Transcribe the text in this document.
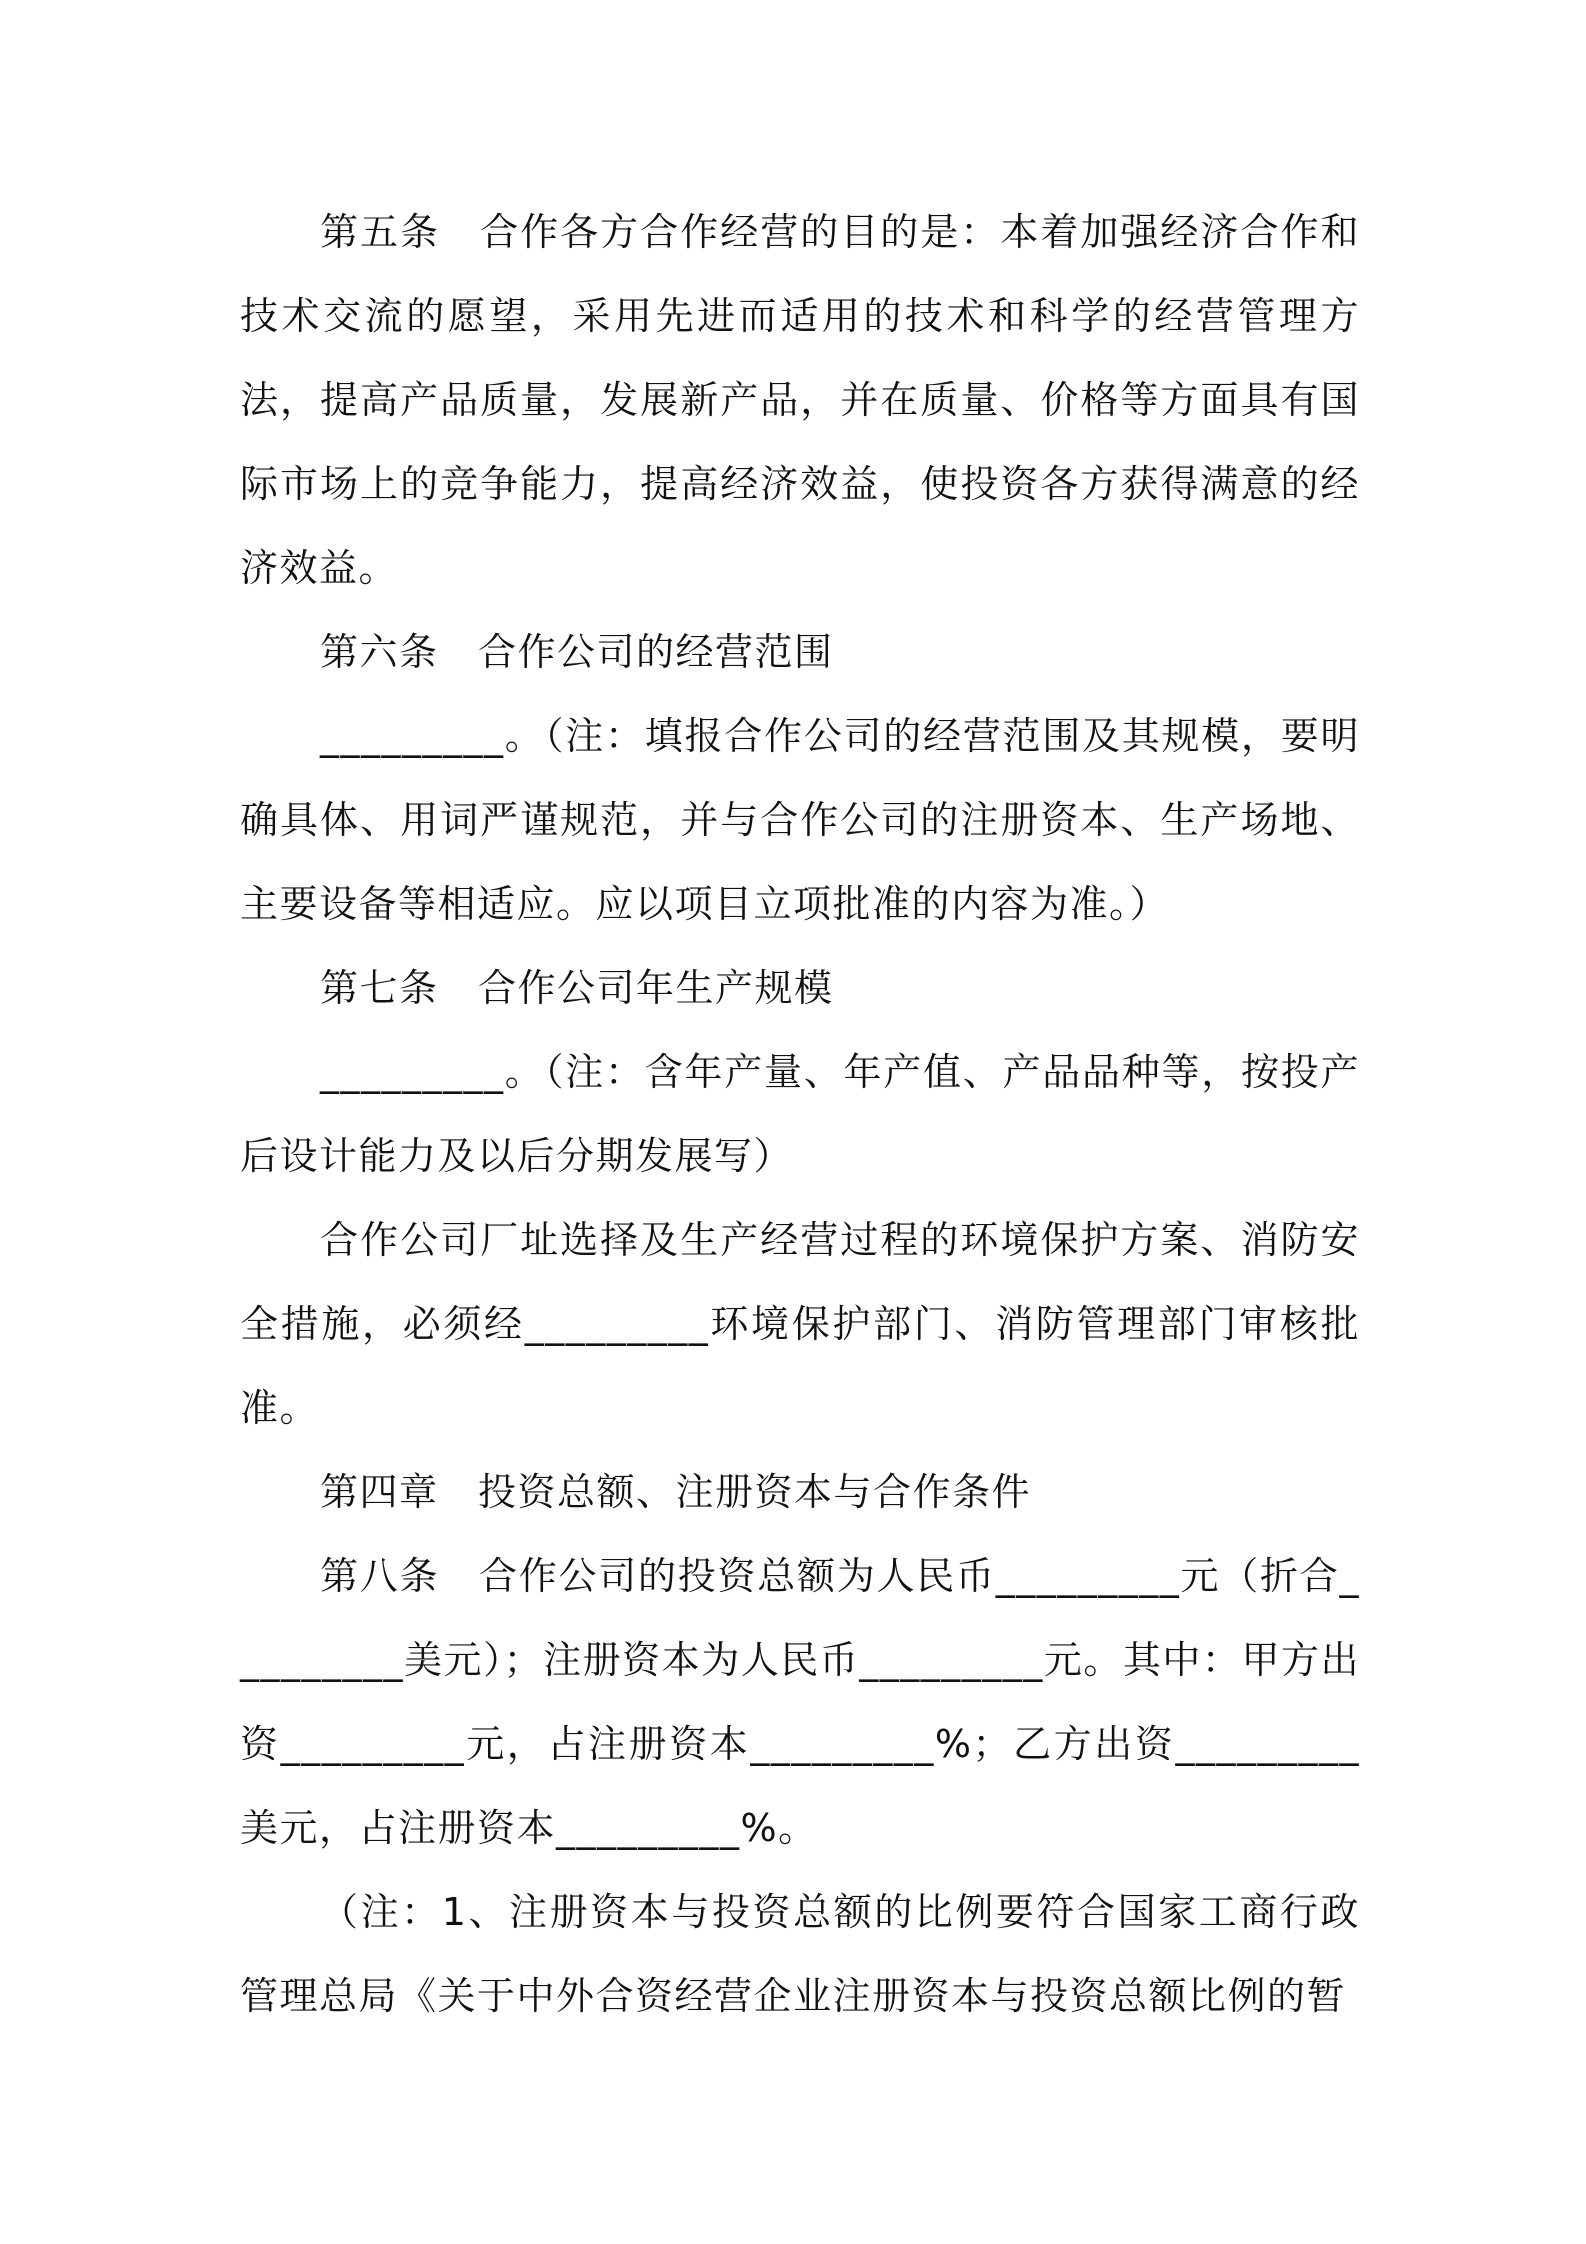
第五条　合作各方合作经营的目的是：本着加强经济合作和技术交流的愿望，采用先进而适用的技术和科学的经营管理方法，提高产品质量，发展新产品，并在质量、价格等方面具有国际市场上的竞争能力，提高经济效益，使投资各方获得满意的经济效益。

第六条　合作公司的经营范围

_________。（注：填报合作公司的经营范围及其规模，要明确具体、用词严谨规范，并与合作公司的注册资本、生产场地、主要设备等相适应。应以项目立项批准的内容为准。）

第七条　合作公司年生产规模

_________。（注：含年产量、年产值、产品品种等，按投产后设计能力及以后分期发展写）

合作公司厂址选择及生产经营过程的环境保护方案、消防安全措施，必须经_________环境保护部门、消防管理部门审核批准。

第四章　投资总额、注册资本与合作条件

第八条　合作公司的投资总额为人民币_________元（折合_________美元）；注册资本为人民币_________元。其中：甲方出资_________元，占注册资本_________%；乙方出资_________美元，占注册资本_________%。

（注：1、注册资本与投资总额的比例要符合国家工商行政管理总局《关于中外合资经营企业注册资本与投资总额比例的暂
